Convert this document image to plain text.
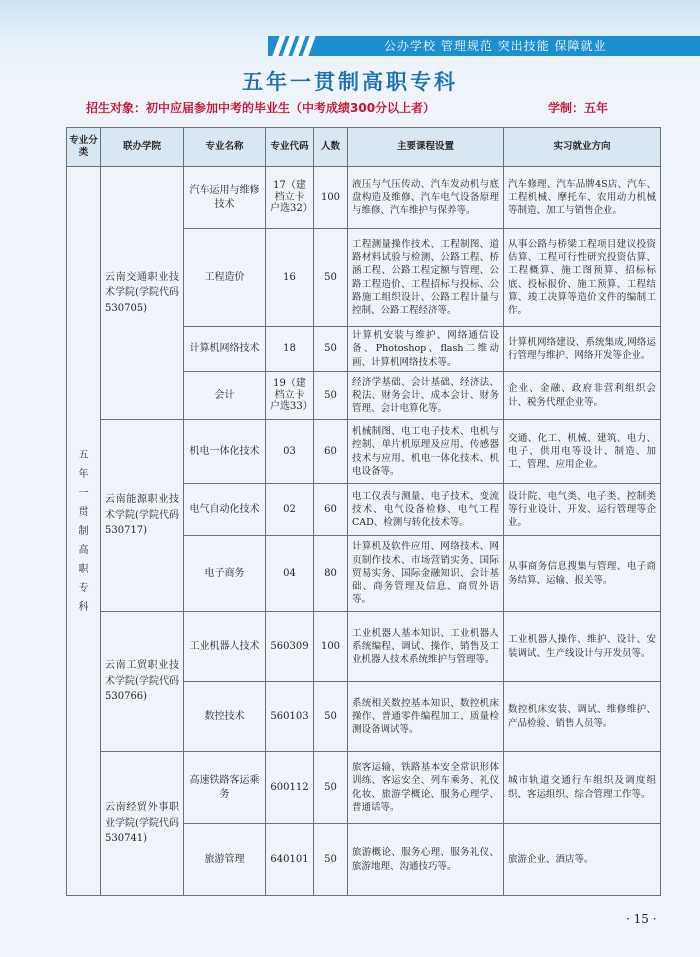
公办学校 管理规范 突出技能 保障就业
五年一贯制高职专科
招生对象：初中应届参加中考的毕业生（中考成绩300分以上者）	学制：五年
专业分类	联办学院	专业名称	专业代码	人数	主要课程设置	实习就业方向

五年一贯制高职专科	云南交通职业技术学院(学院代码530705)	汽车运用与维修技术	17（建档立卡户选32）	100	液压与气压传动、汽车发动机与底盘构造及维修、汽车电气设备原理与维修、汽车维护与保养等。	汽车修理、汽车品牌4S店、汽车、工程机械、摩托车、农用动力机械等制造、加工与销售企业。
		工程造价	16	50	工程测量操作技术、工程制图、道路材料试验与检测、公路工程、桥涵工程、公路工程定额与管理、公路工程造价、工程招标与投标、公路施工组织设计、公路工程计量与控制、公路工程经济等。	从事公路与桥梁工程项目建议投资估算、工程可行性研究投资估算、工程概算、施工图预算、招标标底、投标报价、施工预算、工程结算、竣工决算等造价文件的编制工作。
		计算机网络技术	18	50	计算机安装与维护、网络通信设备、Photoshop、flash二维动画、计算机网络技术等。	计算机网络建设、系统集成,网络运行管理与维护、网络开发等企业。
		会计	19（建档立卡户选33）	50	经济学基础、会计基础、经济法、税法、财务会计、成本会计、财务管理、会计电算化等。	企业、金融、政府非营利组织会计、税务代理企业等。
	云南能源职业技术学院(学院代码530717)	机电一体化技术	03	60	机械制图、电工电子技术、电机与控制、单片机原理及应用、传感器技术与应用、机电一体化技术、机电设备等。	交通、化工、机械、建筑、电力、电子、供用电等设计、制造、加工、管理、应用企业。
		电气自动化技术	02	60	电工仪表与测量、电子技术、变流技术、电气设备检修、电气工程CAD、检测与转化技术等。	设计院、电气类、电子类、控制类等行业设计、开发、运行管理等企业。
		电子商务	04	80	计算机及软件应用、网络技术、网页制作技术、市场营销实务、国际贸易实务、国际金融知识、会计基础、商务管理及信息、商贸外语等。	从事商务信息搜集与管理、电子商务结算、运输、报关等。
	云南工贸职业技术学院(学院代码530766)	工业机器人技术	560309	100	工业机器人基本知识、工业机器人系统编程、调试、操作、销售及工业机器人技术系统维护与管理等。	工业机器人操作、维护、设计、安装调试、生产线设计与开发员等。
		数控技术	560103	50	系统相关数控基本知识、数控机床操作、普通零件编程加工、质量检测设备调试等。	数控机床安装、调试、维修维护、产品检验、销售人员等。
	云南经贸外事职业学院(学院代码530741)	高速铁路客运乘务	600112	50	旅客运输、铁路基本安全常识形体训练、客运安全、列车乘务、礼仪化妆、旅游学概论、服务心理学、普通话等。	城市轨道交通行车组织及调度组织、客运组织、综合管理工作等。
		旅游管理	640101	50	旅游概论、服务心理、服务礼仪、旅游地理、沟通技巧等。	旅游企业、酒店等。
· 15 ·
